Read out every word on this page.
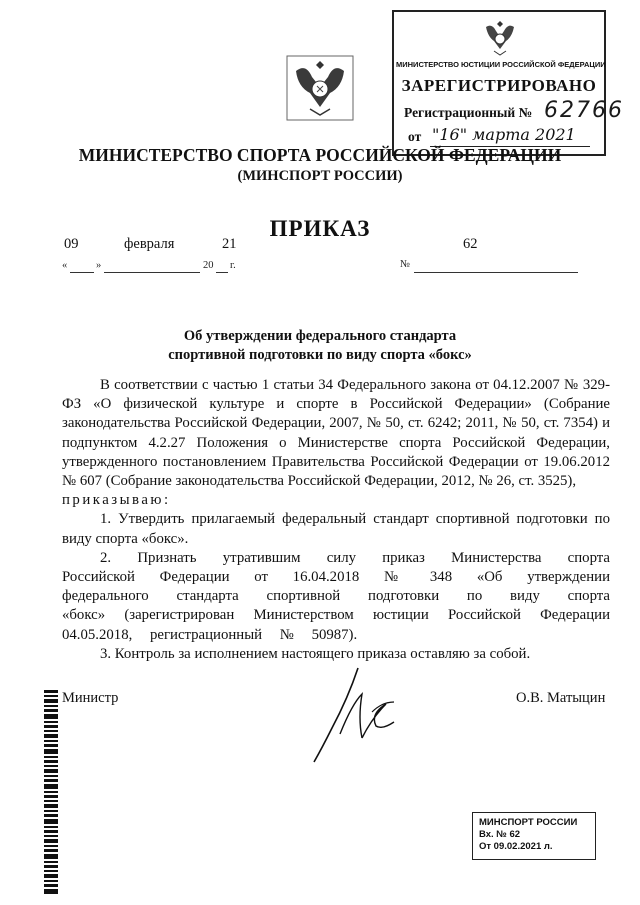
МИНИСТЕРСТВО ЮСТИЦИИ РОССИЙСКОЙ ФЕДЕРАЦИИ
ЗАРЕГИСТРИРОВАНО
Регистрационный № 62766
от "16" марта 2021
МИНИСТЕРСТВО СПОРТА РОССИЙСКОЙ ФЕДЕРАЦИИ
(МИНСПОРТ РОССИИ)
ПРИКАЗ
09	февраля	21	62
«	»	20 г.	№
Об утверждении федерального стандарта
спортивной подготовки по виду спорта «бокс»

В соответствии с частью 1 статьи 34 Федерального закона от 04.12.2007 № 329-ФЗ «О физической культуре и спорте в Российской Федерации» (Собрание законодательства Российской Федерации, 2007, № 50, ст. 6242; 2011, № 50, ст. 7354) и подпунктом 4.2.27 Положения о Министерстве спорта Российской Федерации, утвержденного постановлением Правительства Российской Федерации от 19.06.2012 № 607 (Собрание законодательства Российской Федерации, 2012, № 26, ст. 3525),

приказываю:

1. Утвердить прилагаемый федеральный стандарт спортивной подготовки по виду спорта «бокс».

2. Признать утратившим силу приказ Министерства спорта Российской Федерации от 16.04.2018 № 348 «Об утверждении федерального стандарта спортивной подготовки по виду спорта «бокс» (зарегистрирован Министерством юстиции Российской Федерации 04.05.2018, регистрационный № 50987).

3. Контроль за исполнением настоящего приказа оставляю за собой.

Министр	О.В. Матыцин
МИНСПОРТ РОССИИ
Вх. № 62
От 09.02.2021 л.
